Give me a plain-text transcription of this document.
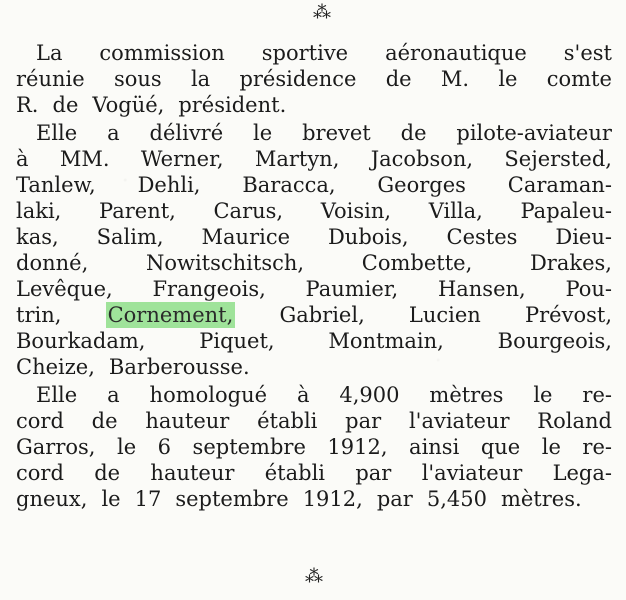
⁂
La commission sportive aéronautique s'est
réunie sous la présidence de M. le comte
R. de Vogüé, président.
Elle a délivré le brevet de pilote-aviateur
à MM. Werner, Martyn, Jacobson, Sejersted,
Tanlew, Dehli, Baracca, Georges Caraman-
laki, Parent, Carus, Voisin, Villa, Papaleu-
kas, Salim, Maurice Dubois, Cestes Dieu-
donné,	Nowitschitsch,	Combette,	Drakes,
Levêque, Frangeois, Paumier, Hansen, Pou-
trin, Cornement, Gabriel, Lucien Prévost,
Bourkadam,	Piquet,	Montmain,	Bourgeois,
Cheize, Barberousse.
Elle a homologué à 4,900 mètres le re-
cord de hauteur établi par l'aviateur Roland
Garros, le 6 septembre 1912, ainsi que le re-
cord de hauteur établi par l'aviateur Lega-
gneux, le 17 septembre 1912, par 5,450 mètres.
⁂
